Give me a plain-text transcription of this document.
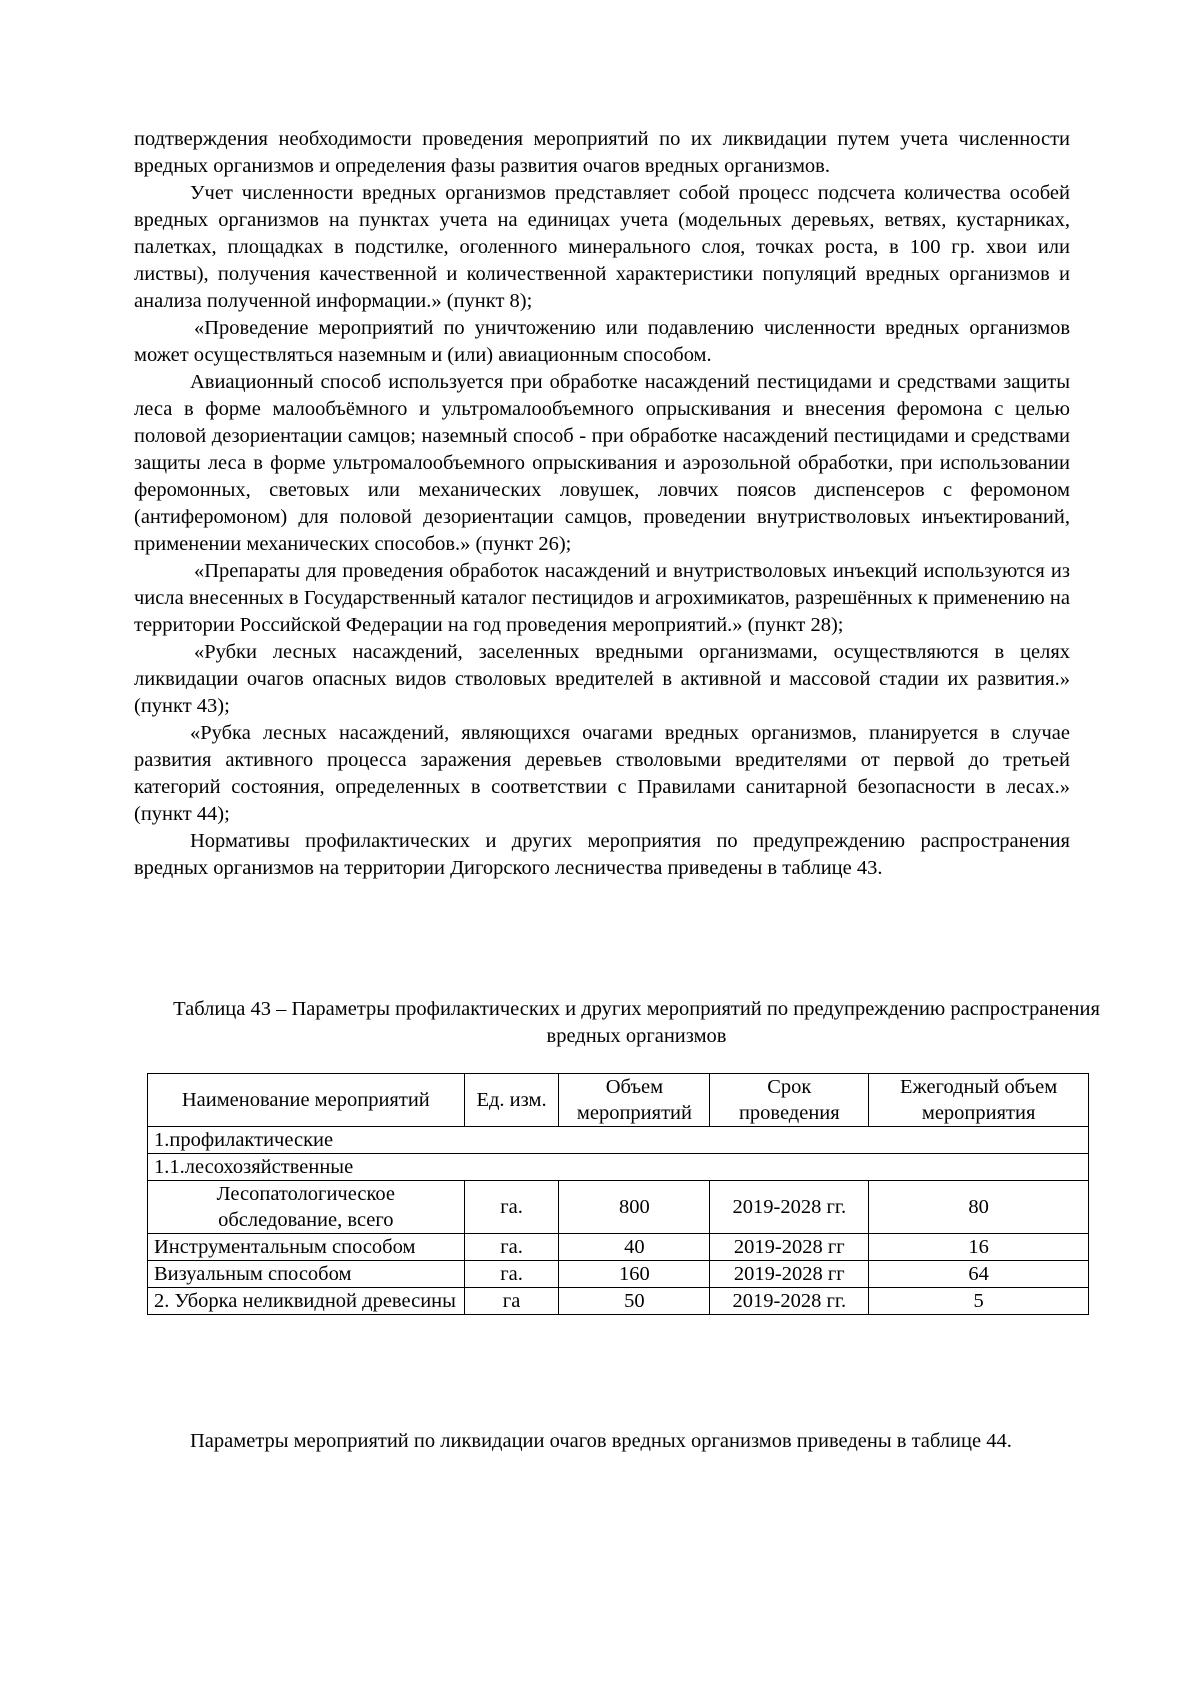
подтверждения необходимости проведения мероприятий по их ликвидации путем учета численности вредных организмов и определения фазы развития очагов вредных организмов.

Учет численности вредных организмов представляет собой процесс подсчета количества особей вредных организмов на пунктах учета на единицах учета (модельных деревьях, ветвях, кустарниках, палетках, площадках в подстилке, оголенного минерального слоя, точках роста, в 100 гр. хвои или листвы), получения качественной и количественной характеристики популяций вредных организмов и анализа полученной информации.» (пункт 8);

«Проведение мероприятий по уничтожению или подавлению численности вредных организмов может осуществляться наземным и (или) авиационным способом.

Авиационный способ используется при обработке насаждений пестицидами и средствами защиты леса в форме малообъёмного и ультромалообъемного опрыскивания и внесения феромона с целью половой дезориентации самцов; наземный способ - при обработке насаждений пестицидами и средствами защиты леса в форме ультромалообъемного опрыскивания и аэрозольной обработки, при использовании феромонных, световых или механических ловушек, ловчих поясов диспенсеров с феромоном (антиферомоном) для половой дезориентации самцов, проведении внутриствoловых инъектирований, применении механических способов.» (пункт 26);

«Препараты для проведения обработок насаждений и внутриствoловых инъекций используются из числа внесенных в Государственный каталог пестицидов и агрохимикатов, разрешённых к применению на территории Российской Федерации на год проведения мероприятий.» (пункт 28);

«Рубки лесных насаждений, заселенных вредными организмами, осуществляются в целях ликвидации очагов опасных видов стволовых вредителей в активной и массовой стадии их развития.» (пункт 43);

«Рубка лесных насаждений, являющихся очагами вредных организмов, планируется в случае развития активного процесса заражения деревьев стволовыми вредителями от первой до третьей категорий состояния, определенных в соответствии с Правилами санитарной безопасности в лесах.» (пункт 44);

Нормативы профилактических и других мероприятия по предупреждению распространения вредных организмов на территории Дигорского лесничества приведены в таблице 43.

Таблица 43 – Параметры профилактических и других мероприятий по предупреждению распространения вредных организмов

Наименование мероприятий	Ед. изм.	Объем мероприятий	Срок проведения	Ежегодный объем мероприятия
1.профилактические				
1.1.лесохозяйственные				
Лесопатологическое обследование, всего	га.	800	2019-2028 гг.	80
Инструментальным способом	га.	40	2019-2028 гг	16
Визуальным способом	га.	160	2019-2028 гг	64
2. Уборка неликвидной древесины	га	50	2019-2028 гг.	5

Параметры мероприятий по ликвидации очагов вредных организмов приведены в таблице 44.
